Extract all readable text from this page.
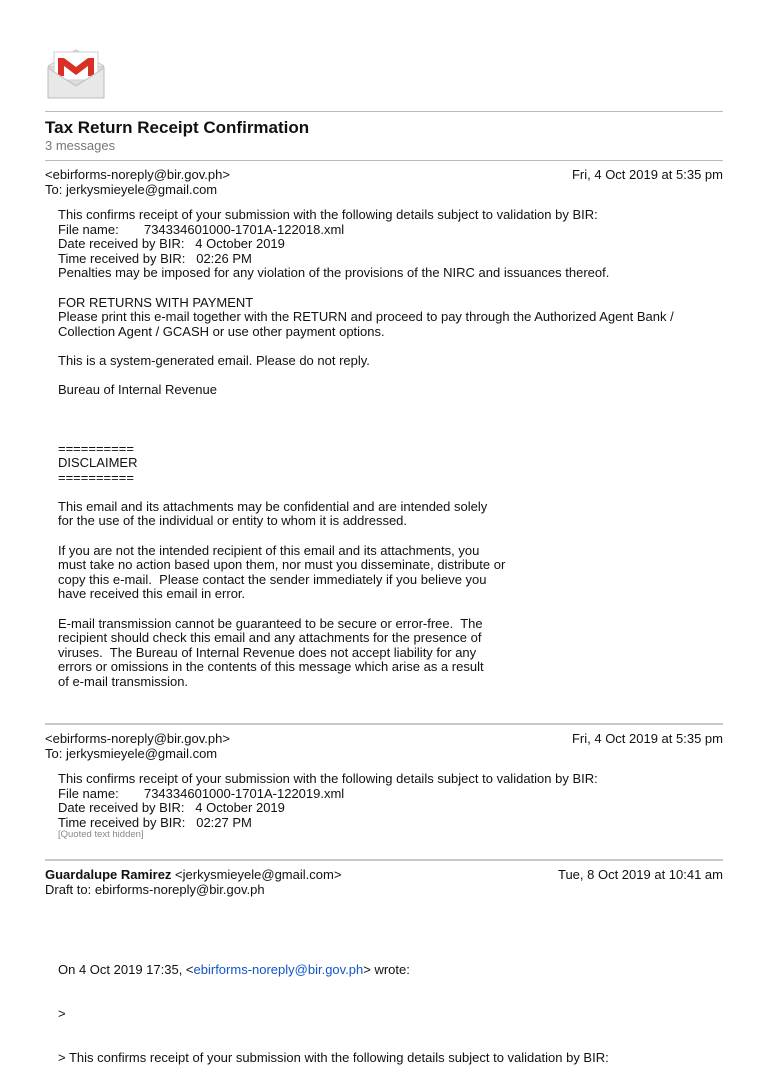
Tax Return Receipt Confirmation
3 messages
<ebirforms-noreply@bir.gov.ph>	Fri, 4 Oct 2019 at 5:35 pm
To: jerkysmieyele@gmail.com
This confirms receipt of your submission with the following details subject to validation by BIR:
File name:       734334601000-1701A-122018.xml
Date received by BIR:   4 October 2019
Time received by BIR:   02:26 PM
Penalties may be imposed for any violation of the provisions of the NIRC and issuances thereof.
FOR RETURNS WITH PAYMENT
Please print this e-mail together with the RETURN and proceed to pay through the Authorized Agent Bank /
Collection Agent / GCASH or use other payment options.
This is a system-generated email. Please do not reply.
Bureau of Internal Revenue
==========
DISCLAIMER
==========
This email and its attachments may be confidential and are intended solely
for the use of the individual or entity to whom it is addressed.
If you are not the intended recipient of this email and its attachments, you
must take no action based upon them, nor must you disseminate, distribute or
copy this e-mail.  Please contact the sender immediately if you believe you
have received this email in error.
E-mail transmission cannot be guaranteed to be secure or error-free.  The
recipient should check this email and any attachments for the presence of
viruses.  The Bureau of Internal Revenue does not accept liability for any
errors or omissions in the contents of this message which arise as a result
of e-mail transmission.
<ebirforms-noreply@bir.gov.ph>	Fri, 4 Oct 2019 at 5:35 pm
To: jerkysmieyele@gmail.com
This confirms receipt of your submission with the following details subject to validation by BIR:
File name:       734334601000-1701A-122019.xml
Date received by BIR:   4 October 2019
Time received by BIR:   02:27 PM
[Quoted text hidden]
Guardalupe Ramirez <jerkysmieyele@gmail.com>	Tue, 8 Oct 2019 at 10:41 am
Draft to: ebirforms-noreply@bir.gov.ph

On 4 Oct 2019 17:35, <ebirforms-noreply@bir.gov.ph> wrote:

>

> This confirms receipt of your submission with the following details subject to validation by BIR:
